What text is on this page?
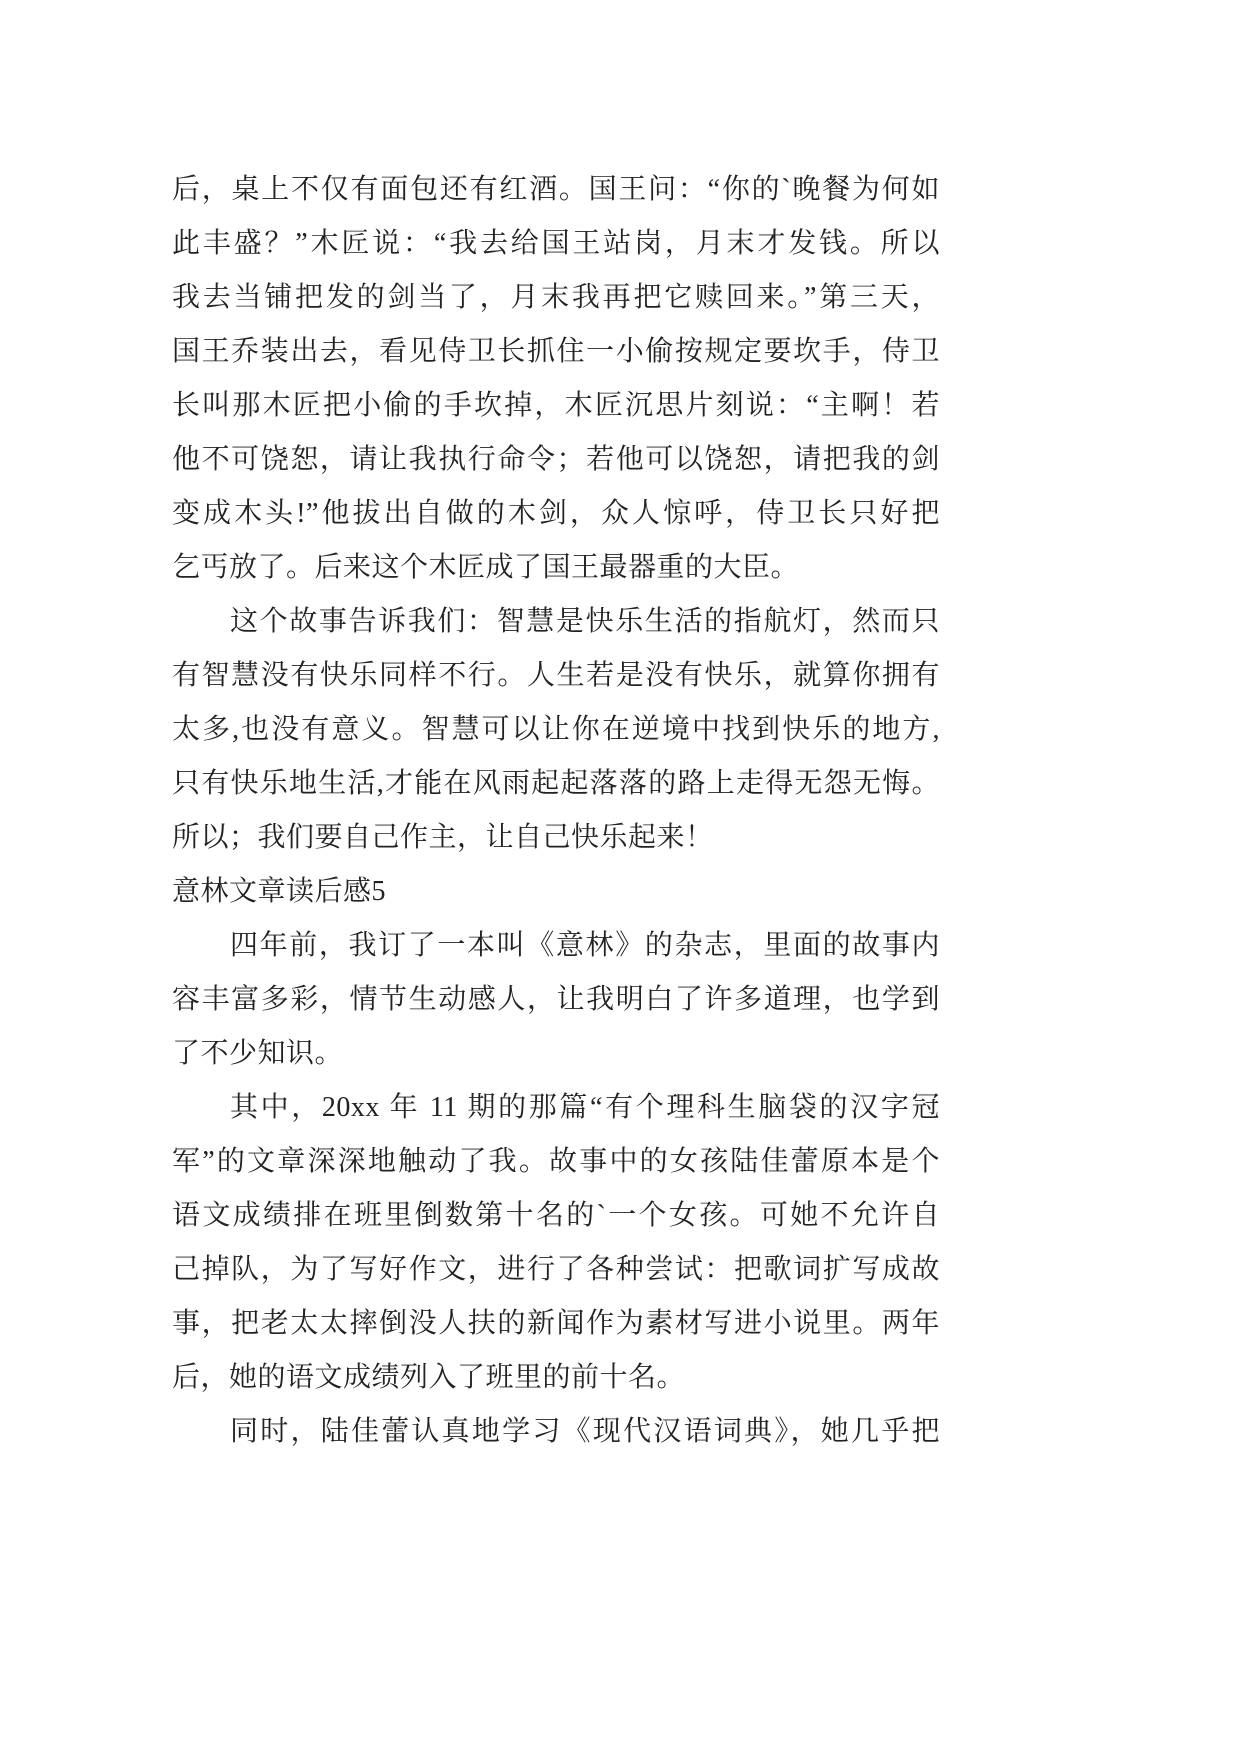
后，桌上不仅有面包还有红酒。国王问：“你的`晚餐为何如
此丰盛？”木匠说：“我去给国王站岗，月末才发钱。所以
我去当铺把发的剑当了，月末我再把它赎回来。”第三天，
国王乔装出去，看见侍卫长抓住一小偷按规定要坎手，侍卫
长叫那木匠把小偷的手坎掉，木匠沉思片刻说：“主啊！若
他不可饶恕，请让我执行命令；若他可以饶恕，请把我的剑
变成木头!”他拔出自做的木剑，众人惊呼，侍卫长只好把
乞丐放了。后来这个木匠成了国王最器重的大臣。
这个故事告诉我们：智慧是快乐生活的指航灯，然而只
有智慧没有快乐同样不行。人生若是没有快乐，就算你拥有
太多,也没有意义。智慧可以让你在逆境中找到快乐的地方,
只有快乐地生活,才能在风雨起起落落的路上走得无怨无悔。
所以；我们要自己作主，让自己快乐起来！
意林文章读后感5
四年前，我订了一本叫《意林》的杂志，里面的故事内
容丰富多彩，情节生动感人，让我明白了许多道理，也学到
了不少知识。
其中，20xx 年 11 期的那篇“有个理科生脑袋的汉字冠
军”的文章深深地触动了我。故事中的女孩陆佳蕾原本是个
语文成绩排在班里倒数第十名的`一个女孩。可她不允许自
己掉队，为了写好作文，进行了各种尝试：把歌词扩写成故
事，把老太太摔倒没人扶的新闻作为素材写进小说里。两年
后，她的语文成绩列入了班里的前十名。
同时，陆佳蕾认真地学习《现代汉语词典》，她几乎把
